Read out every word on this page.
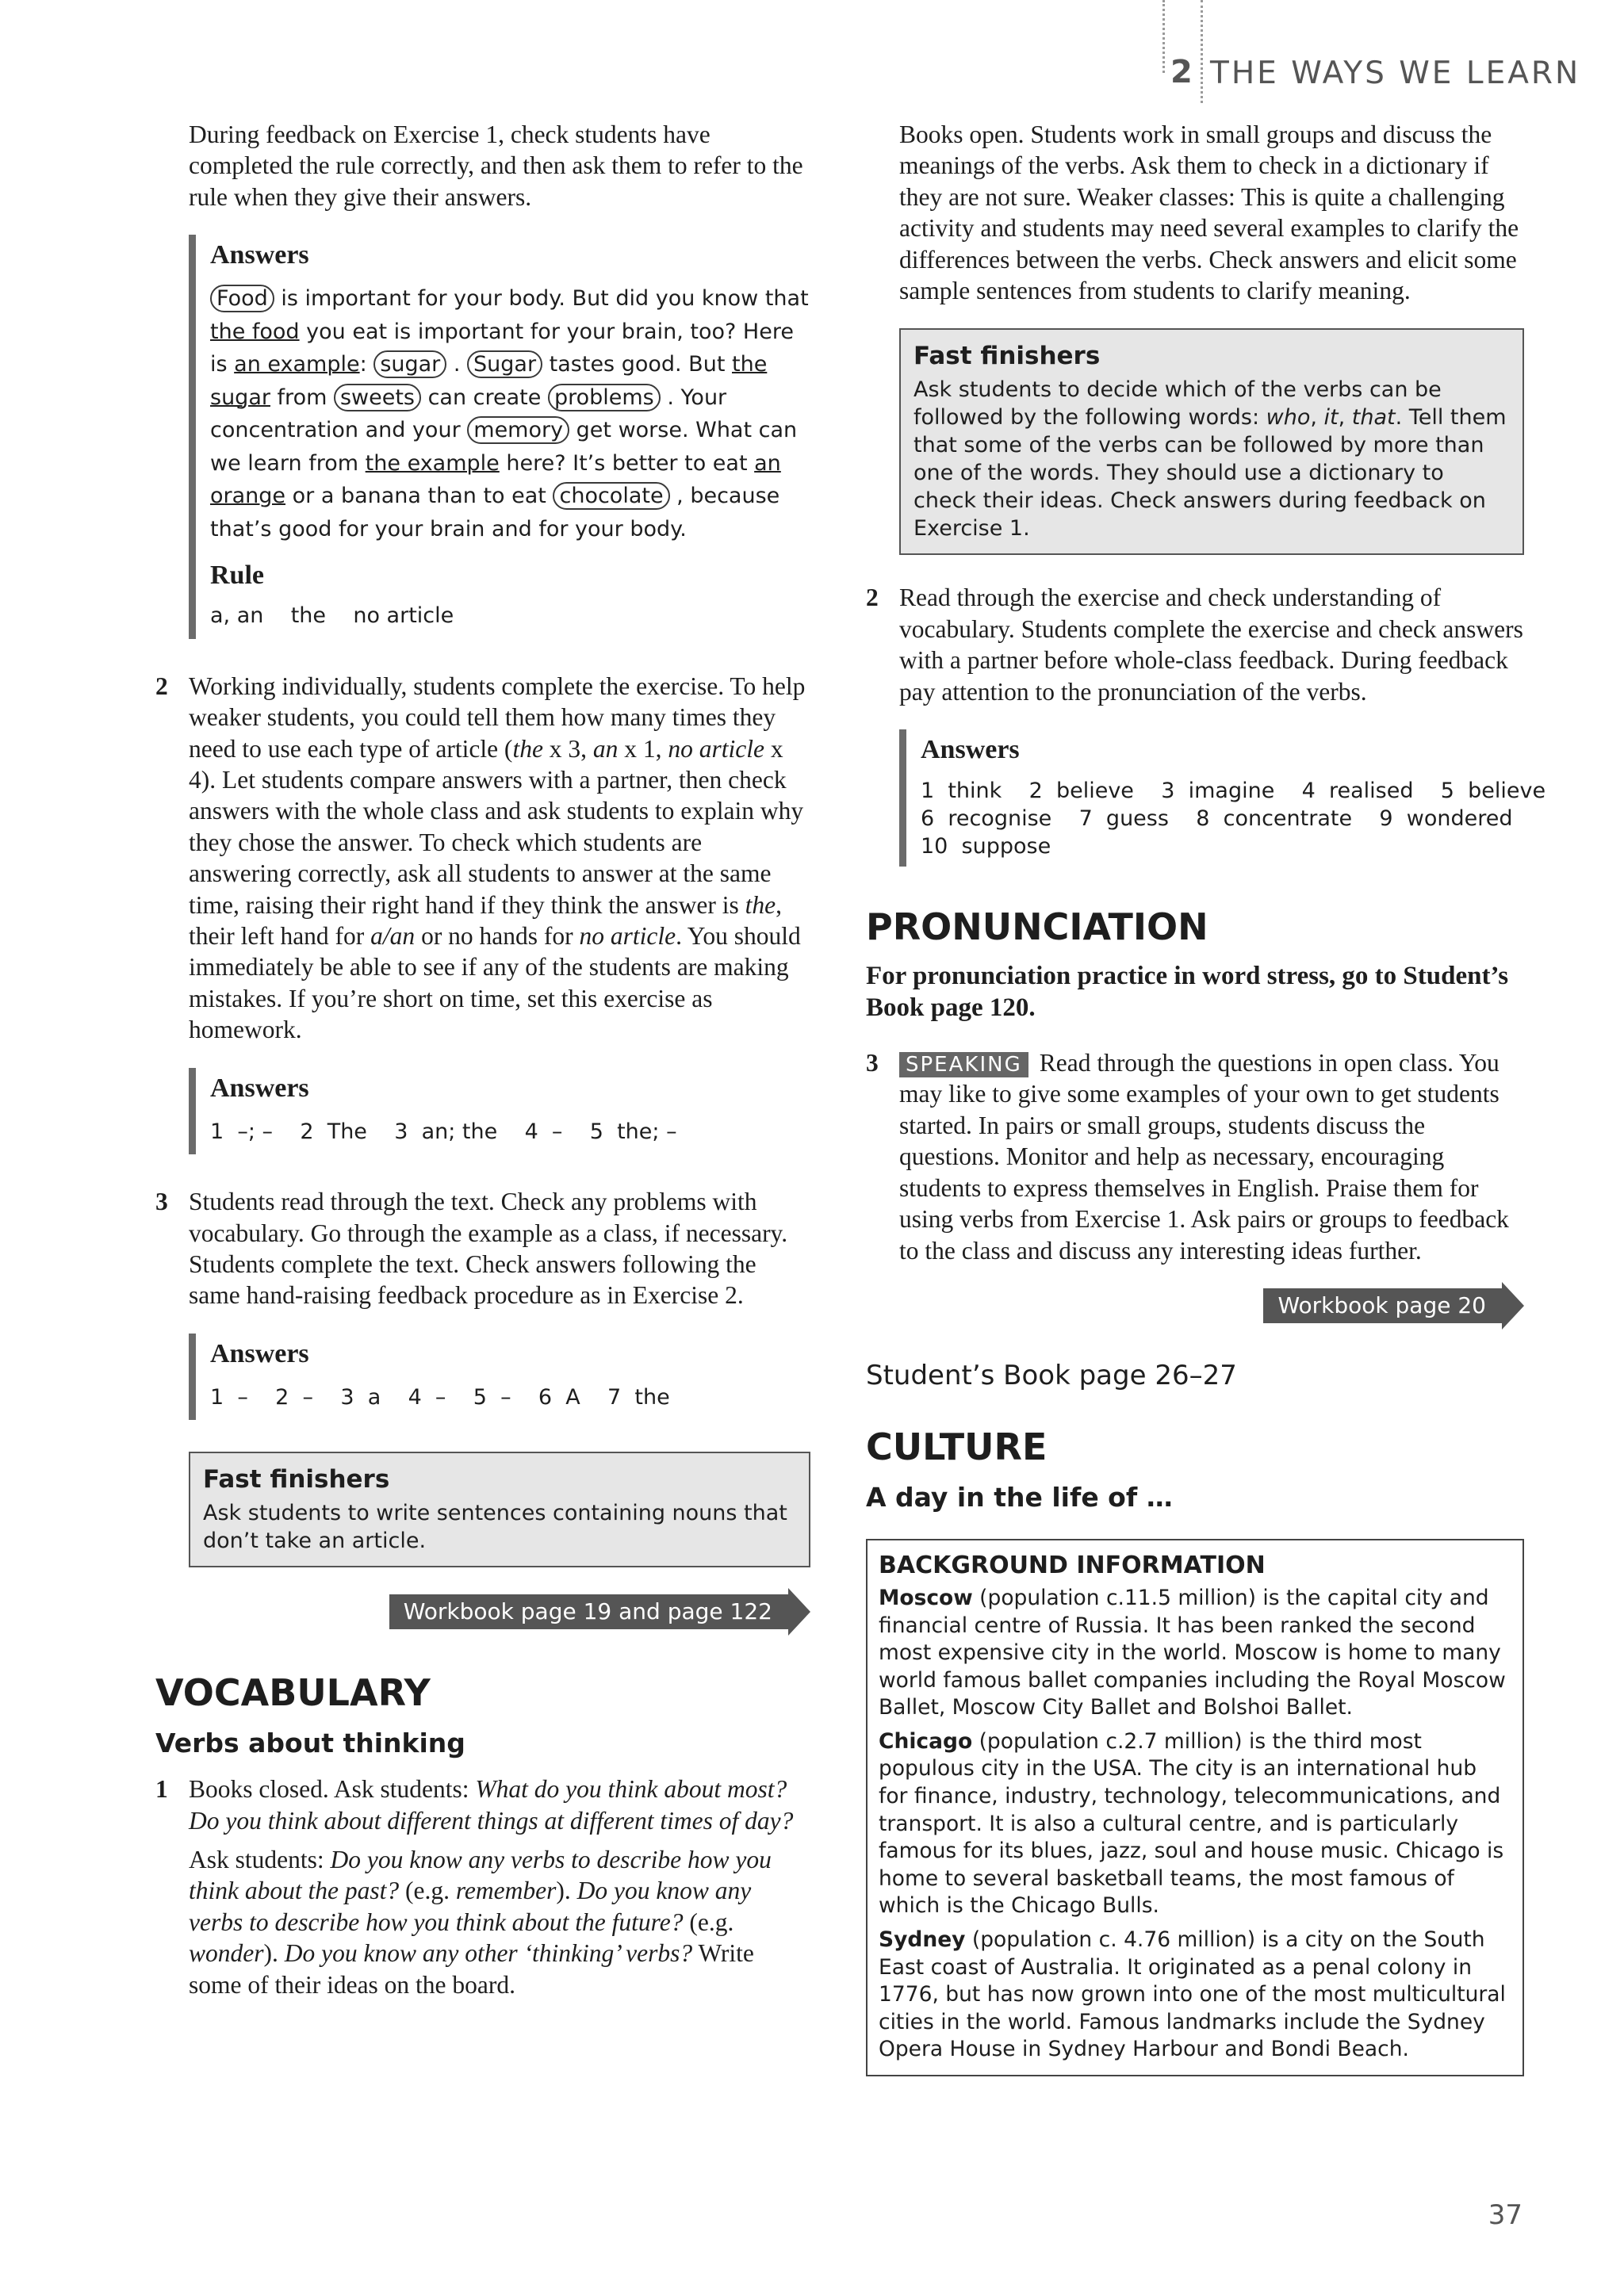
2 THE WAYS WE LEARN

During feedback on Exercise 1, check students have completed the rule correctly, and then ask them to refer to the rule when they give their answers.

Answers
Food is important for your body. But did you know that the food you eat is important for your brain, too? Here is an example: sugar . Sugar tastes good. But the sugar from sweets can create problems . Your concentration and your memory get worse. What can we learn from the example here? It’s better to eat an orange or a banana than to eat chocolate , because that’s good for your brain and for your body.
Rule
a, an    the    no article

2 Working individually, students complete the exercise. To help weaker students, you could tell them how many times they need to use each type of article (the x 3, an x 1, no article x 4). Let students compare answers with a partner, then check answers with the whole class and ask students to explain why they chose the answer. To check which students are answering correctly, ask all students to answer at the same time, raising their right hand if they think the answer is the, their left hand for a/an or no hands for no article. You should immediately be able to see if any of the students are making mistakes. If you’re short on time, set this exercise as homework.

Answers
1  –; –    2  The    3  an; the    4  –    5  the; –

3 Students read through the text. Check any problems with vocabulary. Go through the example as a class, if necessary. Students complete the text. Check answers following the same hand-raising feedback procedure as in Exercise 2.

Answers
1  –    2  –    3  a    4  –    5  –    6  A    7  the
Fast finishers
Ask students to write sentences containing nouns that don’t take an article.
Workbook page 19 and page 122
VOCABULARY
Verbs about thinking

1 Books closed. Ask students: What do you think about most? Do you think about different things at different times of day?

Ask students: Do you know any verbs to describe how you think about the past? (e.g. remember). Do you know any verbs to describe how you think about the future? (e.g. wonder). Do you know any other ‘thinking’ verbs? Write some of their ideas on the board.

Books open. Students work in small groups and discuss the meanings of the verbs. Ask them to check in a dictionary if they are not sure. Weaker classes: This is quite a challenging activity and students may need several examples to clarify the differences between the verbs. Check answers and elicit some sample sentences from students to clarify meaning.

Fast finishers
Ask students to decide which of the verbs can be followed by the following words: who, it, that. Tell them that some of the verbs can be followed by more than one of the words. They should use a dictionary to check their ideas. Check answers during feedback on Exercise 1.

2 Read through the exercise and check understanding of vocabulary. Students complete the exercise and check answers with a partner before whole-class feedback. During feedback pay attention to the pronunciation of the verbs.

Answers
1  think    2  believe    3  imagine    4  realised    5  believe
6  recognise    7  guess    8  concentrate    9  wondered
10  suppose
PRONUNCIATION
For pronunciation practice in word stress, go to Student’s Book page 120.

3 SPEAKING Read through the questions in open class. You may like to give some examples of your own to get students started. In pairs or small groups, students discuss the questions. Monitor and help as necessary, encouraging students to express themselves in English. Praise them for using verbs from Exercise 1. Ask pairs or groups to feedback to the class and discuss any interesting ideas further.

Workbook page 20
Student’s Book page 26–27
CULTURE
A day in the life of …
BACKGROUND INFORMATION

Moscow (population c.11.5 million) is the capital city and financial centre of Russia. It has been ranked the second most expensive city in the world. Moscow is home to many world famous ballet companies including the Royal Moscow Ballet, Moscow City Ballet and Bolshoi Ballet.

Chicago (population c.2.7 million) is the third most populous city in the USA. The city is an international hub for finance, industry, technology, telecommunications, and transport. It is also a cultural centre, and is particularly famous for its blues, jazz, soul and house music. Chicago is home to several basketball teams, the most famous of which is the Chicago Bulls.

Sydney (population c. 4.76 million) is a city on the South East coast of Australia. It originated as a penal colony in 1776, but has now grown into one of the most multicultural cities in the world. Famous landmarks include the Sydney Opera House in Sydney Harbour and Bondi Beach.

37
